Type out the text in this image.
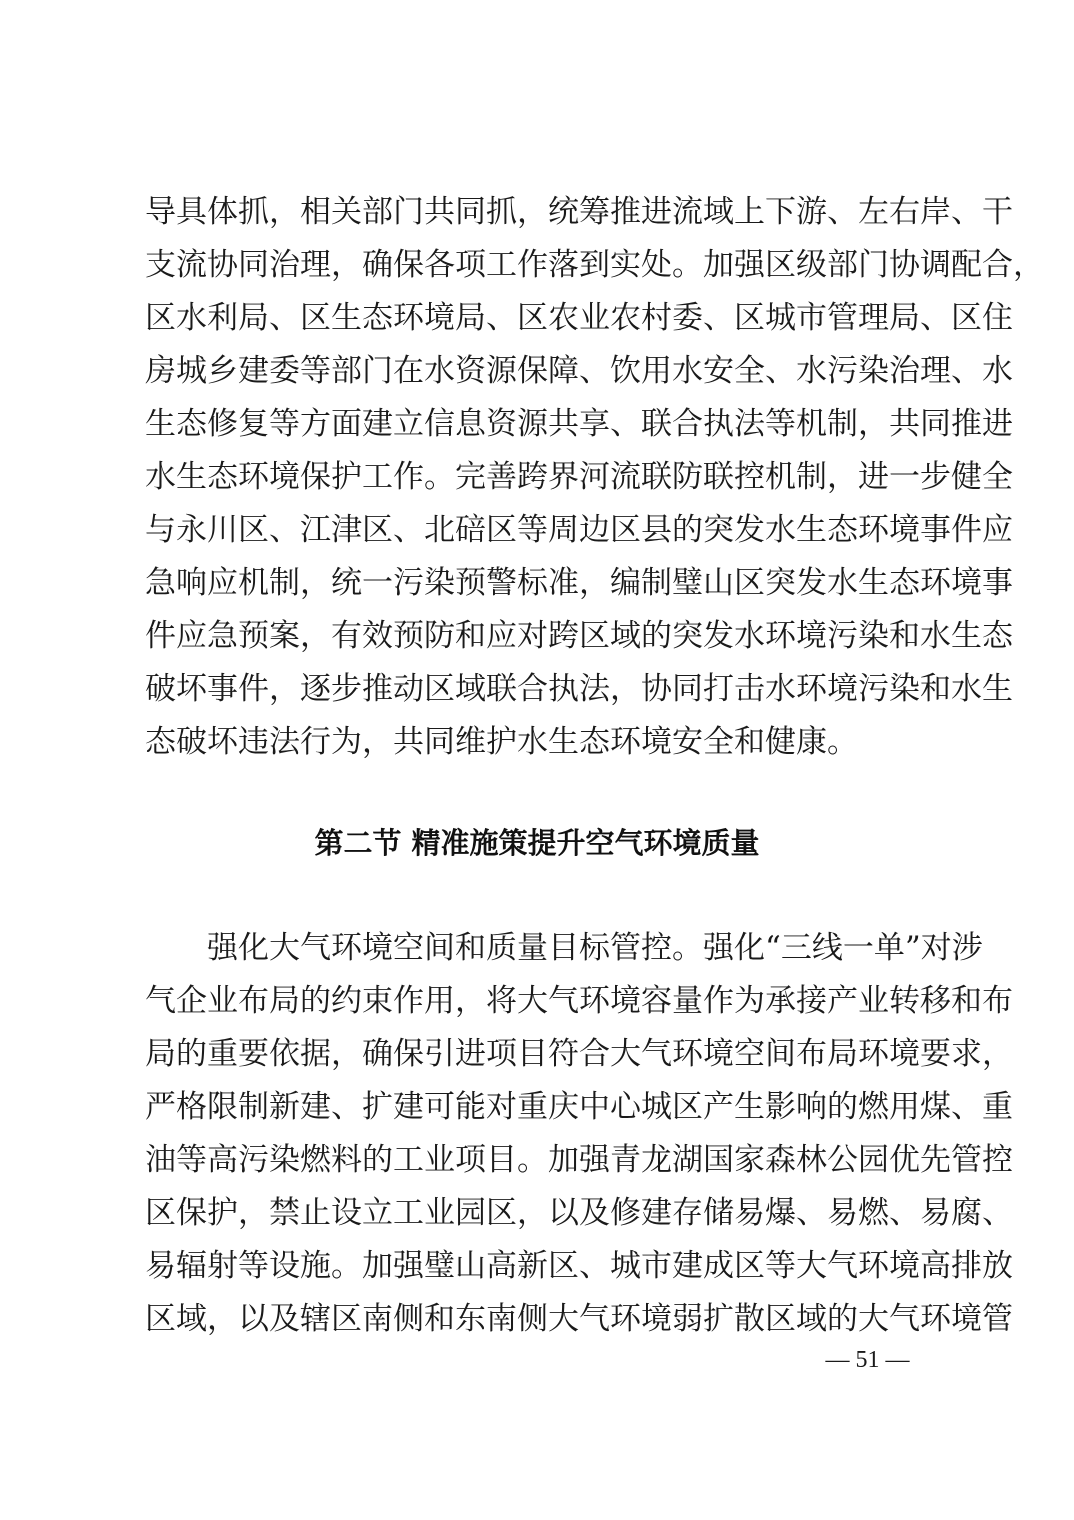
导具体抓，相关部门共同抓，统筹推进流域上下游、左右岸、干
支流协同治理，确保各项工作落到实处。加强区级部门协调配合，
区水利局、区生态环境局、区农业农村委、区城市管理局、区住
房城乡建委等部门在水资源保障、饮用水安全、水污染治理、水
生态修复等方面建立信息资源共享、联合执法等机制，共同推进
水生态环境保护工作。完善跨界河流联防联控机制，进一步健全
与永川区、江津区、北碚区等周边区县的突发水生态环境事件应
急响应机制，统一污染预警标准，编制璧山区突发水生态环境事
件应急预案，有效预防和应对跨区域的突发水环境污染和水生态
破坏事件，逐步推动区域联合执法，协同打击水环境污染和水生
态破坏违法行为，共同维护水生态环境安全和健康。
第二节 精准施策提升空气环境质量
强化大气环境空间和质量目标管控。强化“三线一单”对涉
气企业布局的约束作用，将大气环境容量作为承接产业转移和布
局的重要依据，确保引进项目符合大气环境空间布局环境要求，
严格限制新建、扩建可能对重庆中心城区产生影响的燃用煤、重
油等高污染燃料的工业项目。加强青龙湖国家森林公园优先管控
区保护，禁止设立工业园区，以及修建存储易爆、易燃、易腐、
易辐射等设施。加强璧山高新区、城市建成区等大气环境高排放
区域，以及辖区南侧和东南侧大气环境弱扩散区域的大气环境管
— 51 —
